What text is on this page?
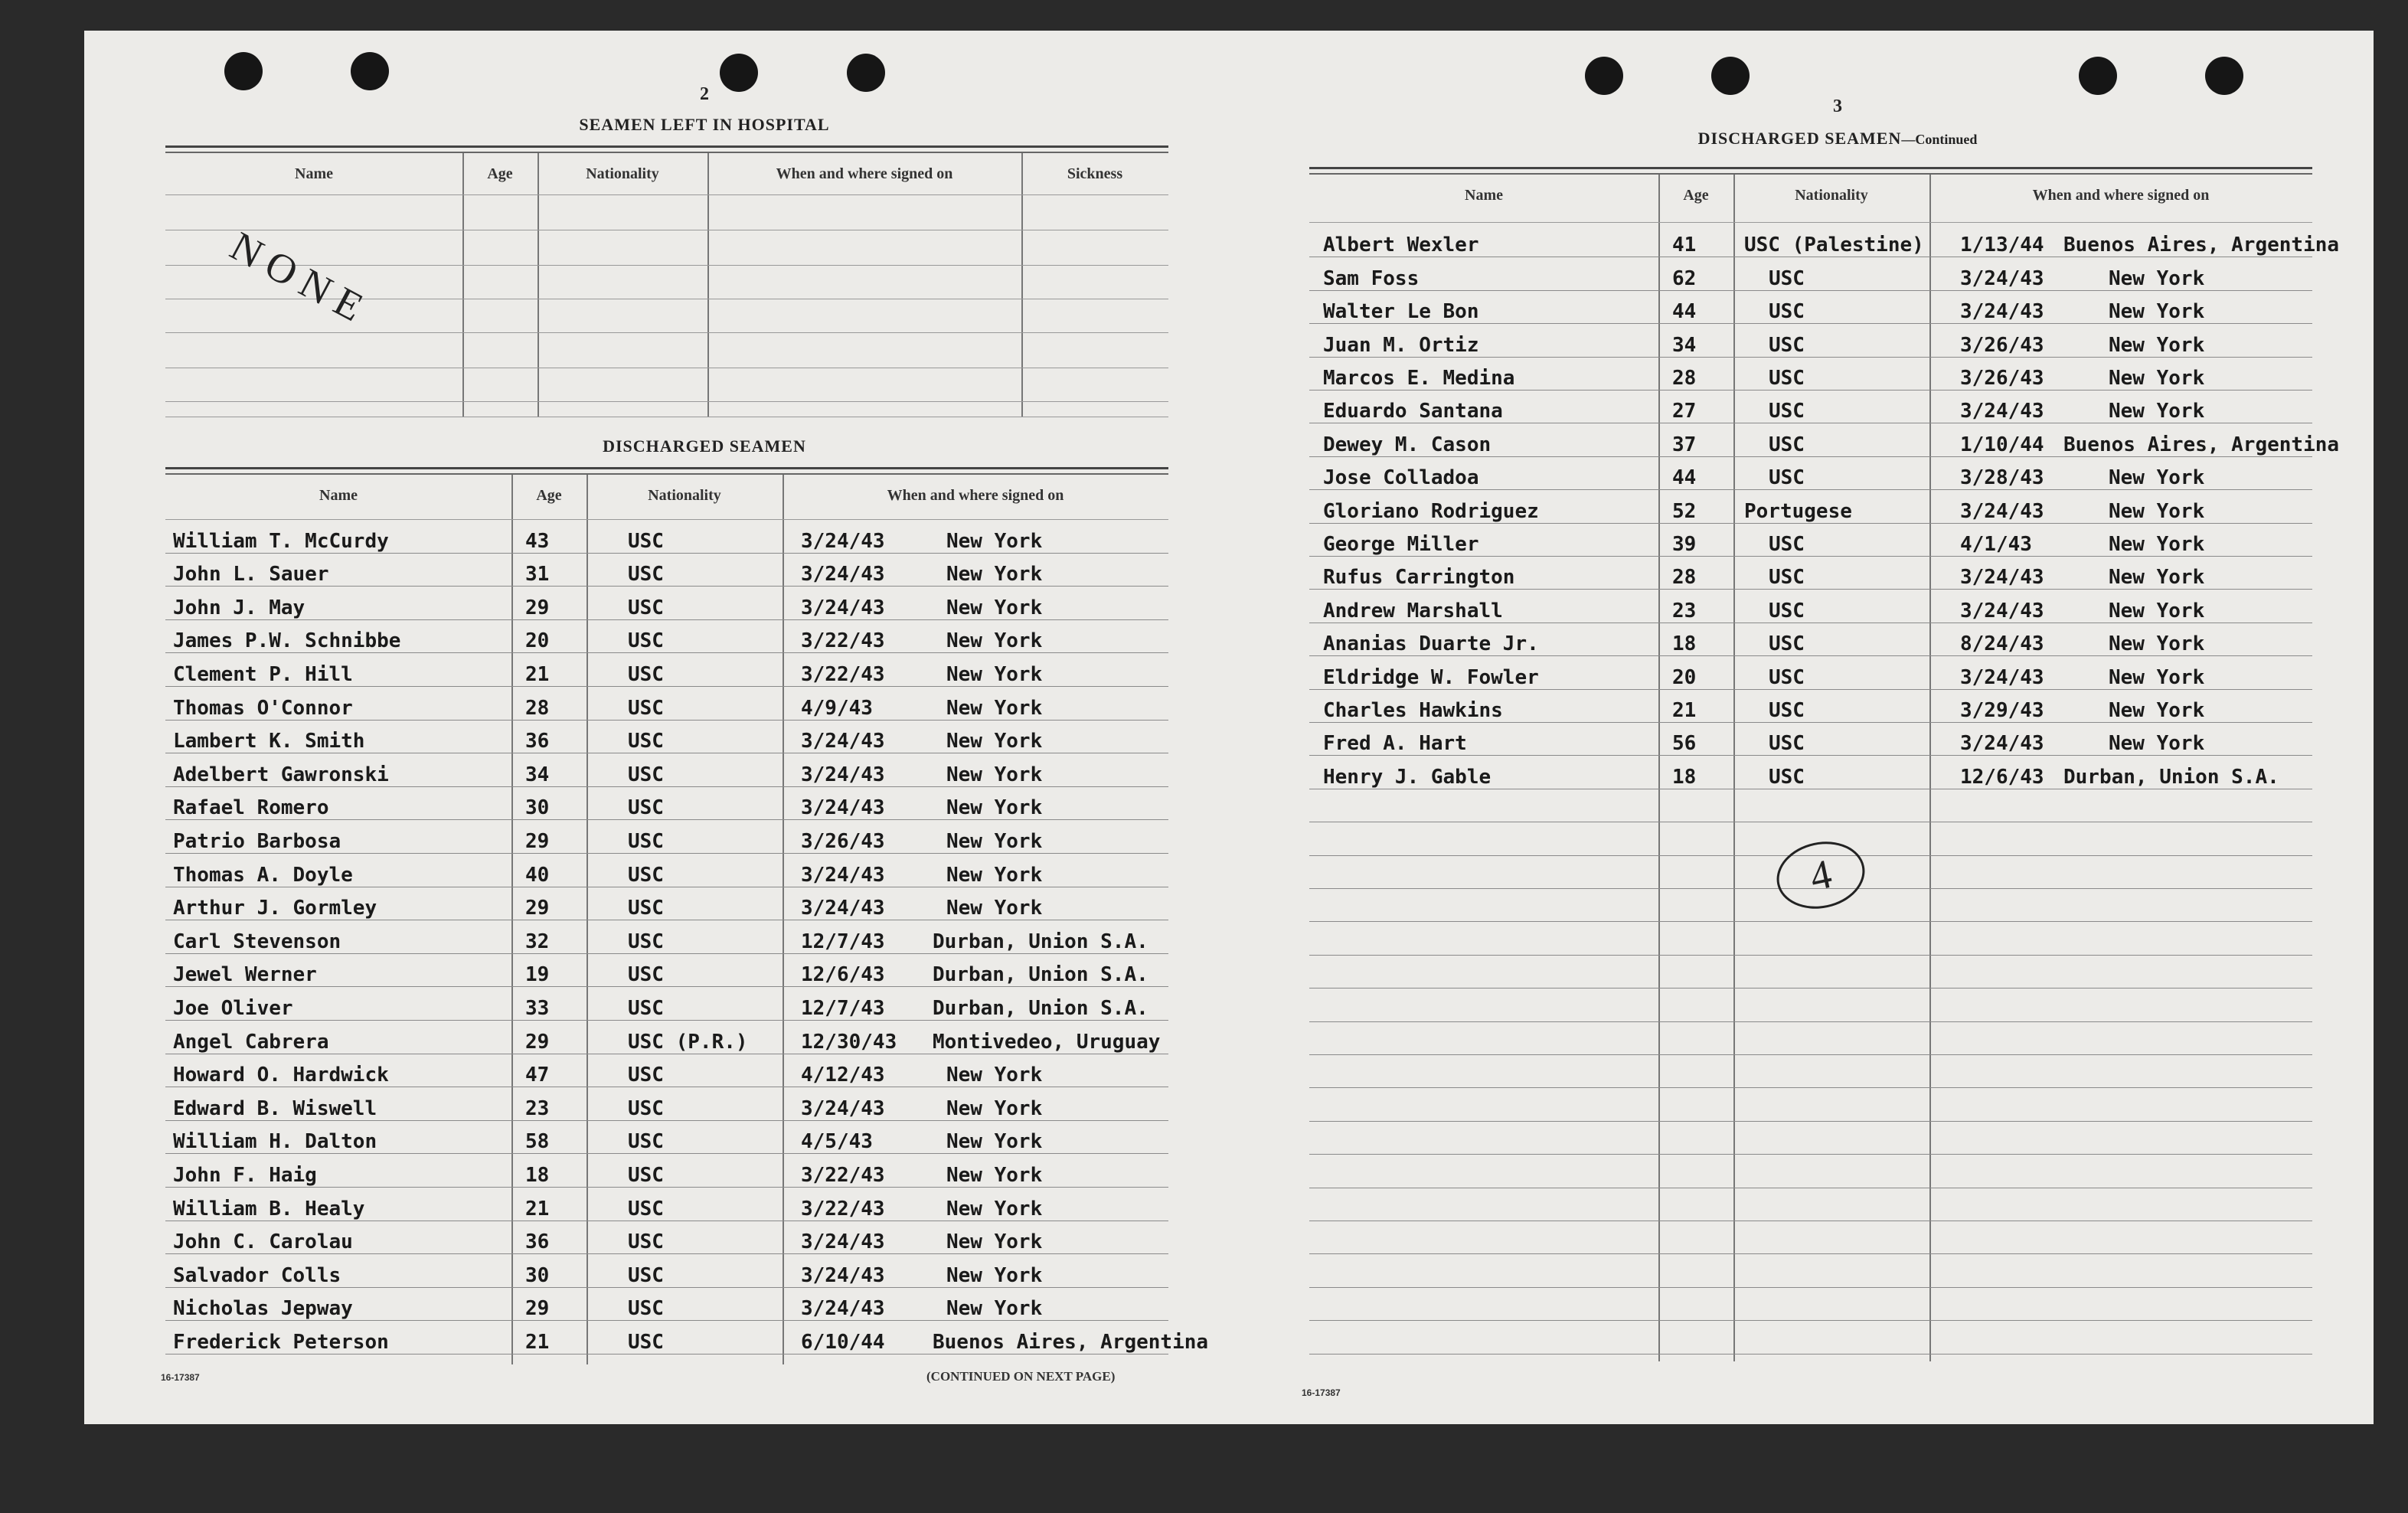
2
SEAMEN LEFT IN HOSPITAL
Name	Age	Nationality	When and where signed on	Sickness
NONE
DISCHARGED SEAMEN
Name	Age	Nationality	When and where signed on
William T. McCurdy	43	USC	3/24/43	New York
John L. Sauer	31	USC	3/24/43	New York
John J. May	29	USC	3/24/43	New York
James P.W. Schnibbe	20	USC	3/22/43	New York
Clement P. Hill	21	USC	3/22/43	New York
Thomas O'Connor	28	USC	4/9/43	New York
Lambert K. Smith	36	USC	3/24/43	New York
Adelbert Gawronski	34	USC	3/24/43	New York
Rafael Romero	30	USC	3/24/43	New York
Patrio Barbosa	29	USC	3/26/43	New York
Thomas A. Doyle	40	USC	3/24/43	New York
Arthur J. Gormley	29	USC	3/24/43	New York
Carl Stevenson	32	USC	12/7/43 Durban, Union S.A.
Jewel Werner	19	USC	12/6/43 Durban, Union S.A.
Joe Oliver	33	USC	12/7/43 Durban, Union S.A.
Angel Cabrera	29	USC (P.R.)	12/30/43 Montivedeo, Uruguay
Howard O. Hardwick	47	USC	4/12/43	New York
Edward B. Wiswell	23	USC	3/24/43	New York
William H. Dalton	58	USC	4/5/43	New York
John F. Haig	18	USC	3/22/43	New York
William B. Healy	21	USC	3/22/43	New York
John C. Carolau	36	USC	3/24/43	New York
Salvador Colls	30	USC	3/24/43	New York
Nicholas Jepway	29	USC	3/24/43	New York
Frederick Peterson	21	USC	6/10/44 Buenos Aires, Argentina
16-17387	(CONTINUED ON NEXT PAGE)
3
DISCHARGED SEAMEN—Continued
Name	Age	Nationality	When and where signed on
Albert Wexler	41 USC (Palestine) 1/13/44 Buenos Aires, Argentina
Sam Foss	62	USC	3/24/43	New York
Walter Le Bon	44	USC	3/24/43	New York
Juan M. Ortiz	34	USC	3/26/43	New York
Marcos E. Medina	28	USC	3/26/43	New York
Eduardo Santana	27	USC	3/24/43	New York
Dewey M. Cason	37	USC	1/10/44 Buenos Aires, Argentina
Jose Colladoa	44	USC	3/28/43	New York
Gloriano Rodriguez	52 Portugese	3/24/43	New York
George Miller	39	USC	4/1/43	New York
Rufus Carrington	28	USC	3/24/43	New York
Andrew Marshall	23	USC	3/24/43	New York
Ananias Duarte Jr.	18	USC	8/24/43	New York
Eldridge W. Fowler	20	USC	3/24/43	New York
Charles Hawkins	21	USC	3/29/43	New York
Fred A. Hart	56	USC	3/24/43	New York
Henry J. Gable	18	USC	12/6/43 Durban, Union S.A.
4
16-17387
